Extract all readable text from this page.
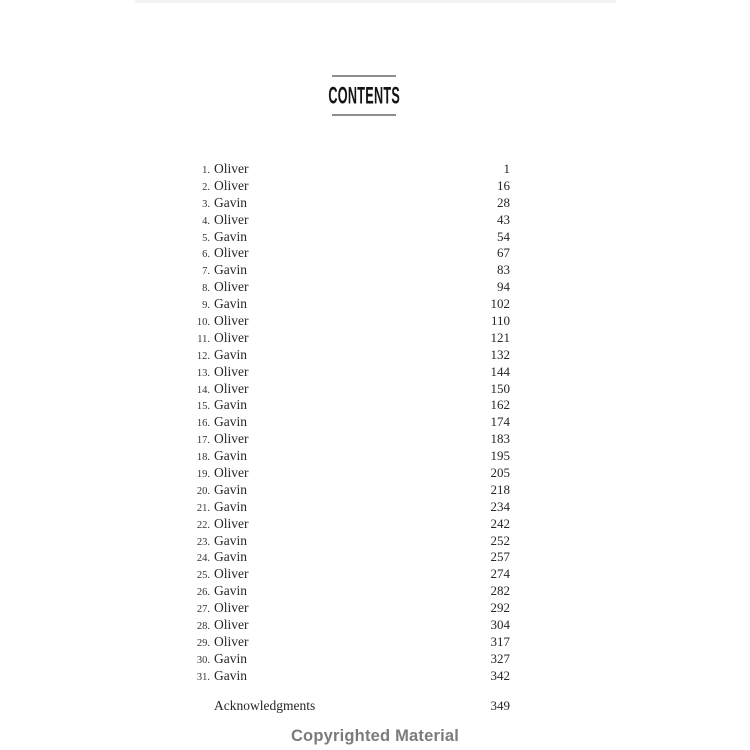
CONTENTS
1. Oliver	1
2. Oliver	16
3. Gavin	28
4. Oliver	43
5. Gavin	54
6. Oliver	67
7. Gavin	83
8. Oliver	94
9. Gavin	102
10. Oliver	110
11. Oliver	121
12. Gavin	132
13. Oliver	144
14. Oliver	150
15. Gavin	162
16. Gavin	174
17. Oliver	183
18. Gavin	195
19. Oliver	205
20. Gavin	218
21. Gavin	234
22. Oliver	242
23. Gavin	252
24. Gavin	257
25. Oliver	274
26. Gavin	282
27. Oliver	292
28. Oliver	304
29. Oliver	317
30. Gavin	327
31. Gavin	342
Acknowledgments	349
Copyrighted Material
